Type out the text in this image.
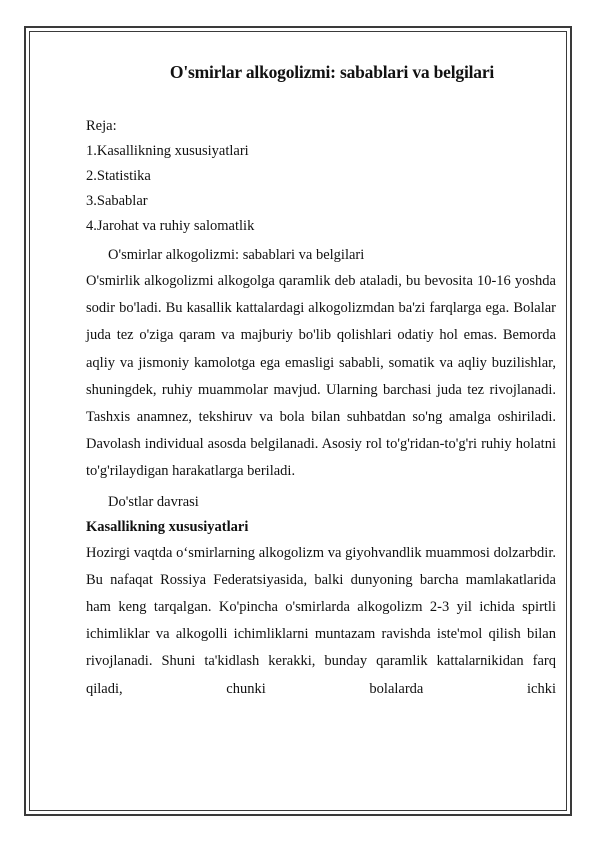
O'smirlar alkogolizmi: sabablari va belgilari
Reja:
1.Kasallikning xususiyatlari
2.Statistika
3.Sabablar
4.Jarohat va ruhiy salomatlik
O'smirlar alkogolizmi: sabablari va belgilari
O'smirlik alkogolizmi alkogolga qaramlik deb ataladi, bu bevosita 10-16 yoshda sodir bo'ladi. Bu kasallik kattalardagi alkogolizmdan ba'zi farqlarga ega. Bolalar juda tez o'ziga qaram va majburiy bo'lib qolishlari odatiy hol emas. Bemorda aqliy va jismoniy kamolotga ega emasligi sababli, somatik va aqliy buzilishlar, shuningdek, ruhiy muammolar mavjud. Ularning barchasi juda tez rivojlanadi. Tashxis anamnez, tekshiruv va bola bilan suhbatdan so'ng amalga oshiriladi. Davolash individual asosda belgilanadi. Asosiy rol to'g'ridan-to'g'ri ruhiy holatni to'g'rilaydigan harakatlarga beriladi.
Do'stlar davrasi
Kasallikning xususiyatlari
Hozirgi vaqtda o‘smirlarning alkogolizm va giyohvandlik muammosi dolzarbdir. Bu nafaqat Rossiya Federatsiyasida, balki dunyoning barcha mamlakatlarida ham keng tarqalgan. Ko'pincha o'smirlarda alkogolizm 2-3 yil ichida spirtli ichimliklar va alkogolli ichimliklarni muntazam ravishda iste'mol qilish bilan rivojlanadi. Shuni ta'kidlash kerakki, bunday qaramlik kattalarnikidan farq qiladi, chunki bolalarda ichki
